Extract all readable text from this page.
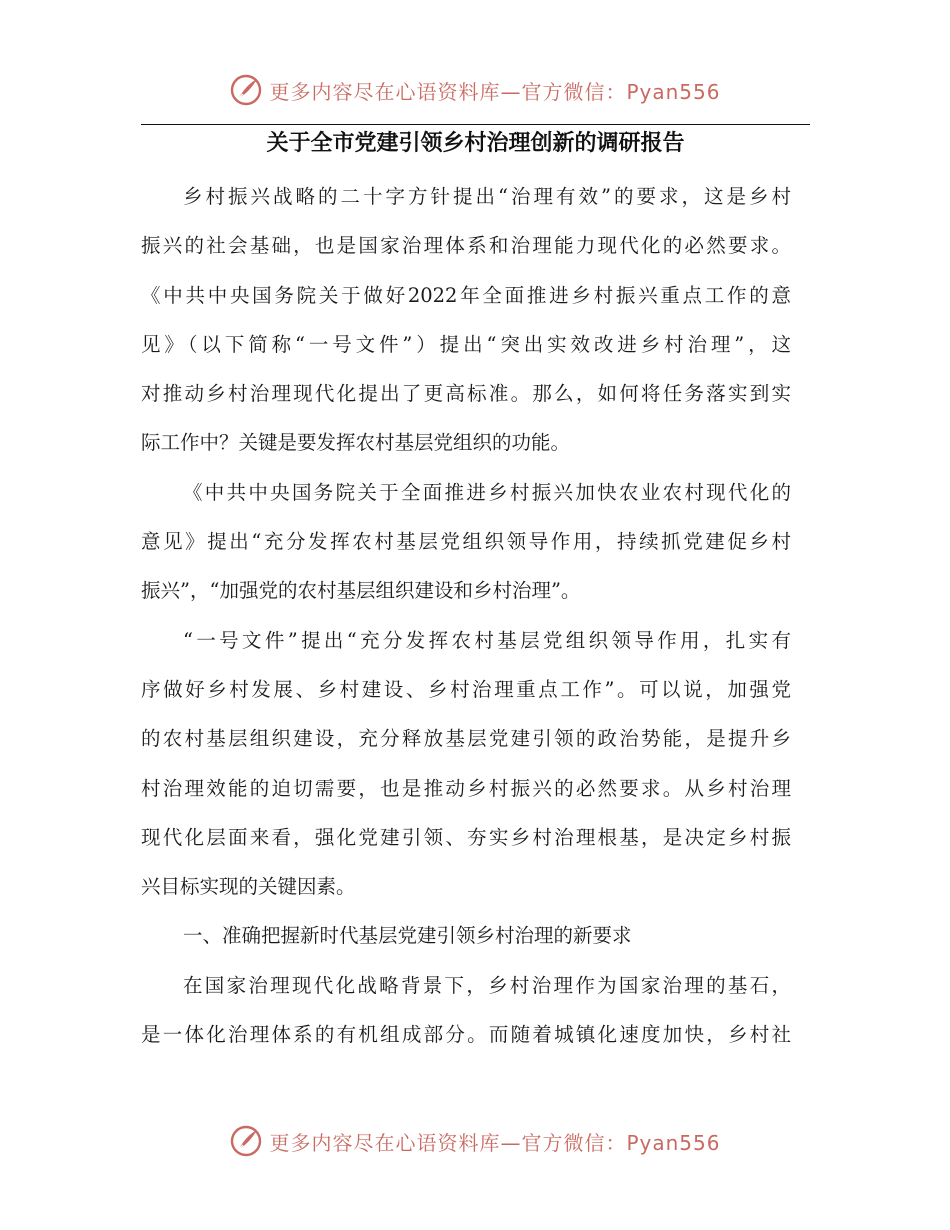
更多内容尽在心语资料库—官方微信：Pyan556
关于全市党建引领乡村治理创新的调研报告
乡村振兴战略的二十字方针提出“治理有效”的要求，这是乡村
振兴的社会基础，也是国家治理体系和治理能力现代化的必然要求。
《中共中央国务院关于做好2022年全面推进乡村振兴重点工作的意
见》（以下简称“一号文件”）提出“突出实效改进乡村治理”，这
对推动乡村治理现代化提出了更高标准。那么，如何将任务落实到实
际工作中？关键是要发挥农村基层党组织的功能。
《中共中央国务院关于全面推进乡村振兴加快农业农村现代化的
意见》提出“充分发挥农村基层党组织领导作用，持续抓党建促乡村
振兴”，“加强党的农村基层组织建设和乡村治理”。
“一号文件”提出“充分发挥农村基层党组织领导作用，扎实有
序做好乡村发展、乡村建设、乡村治理重点工作”。可以说，加强党
的农村基层组织建设，充分释放基层党建引领的政治势能，是提升乡
村治理效能的迫切需要，也是推动乡村振兴的必然要求。从乡村治理
现代化层面来看，强化党建引领、夯实乡村治理根基，是决定乡村振
兴目标实现的关键因素。
一、准确把握新时代基层党建引领乡村治理的新要求
在国家治理现代化战略背景下，乡村治理作为国家治理的基石，
是一体化治理体系的有机组成部分。而随着城镇化速度加快，乡村社
更多内容尽在心语资料库—官方微信：Pyan556
